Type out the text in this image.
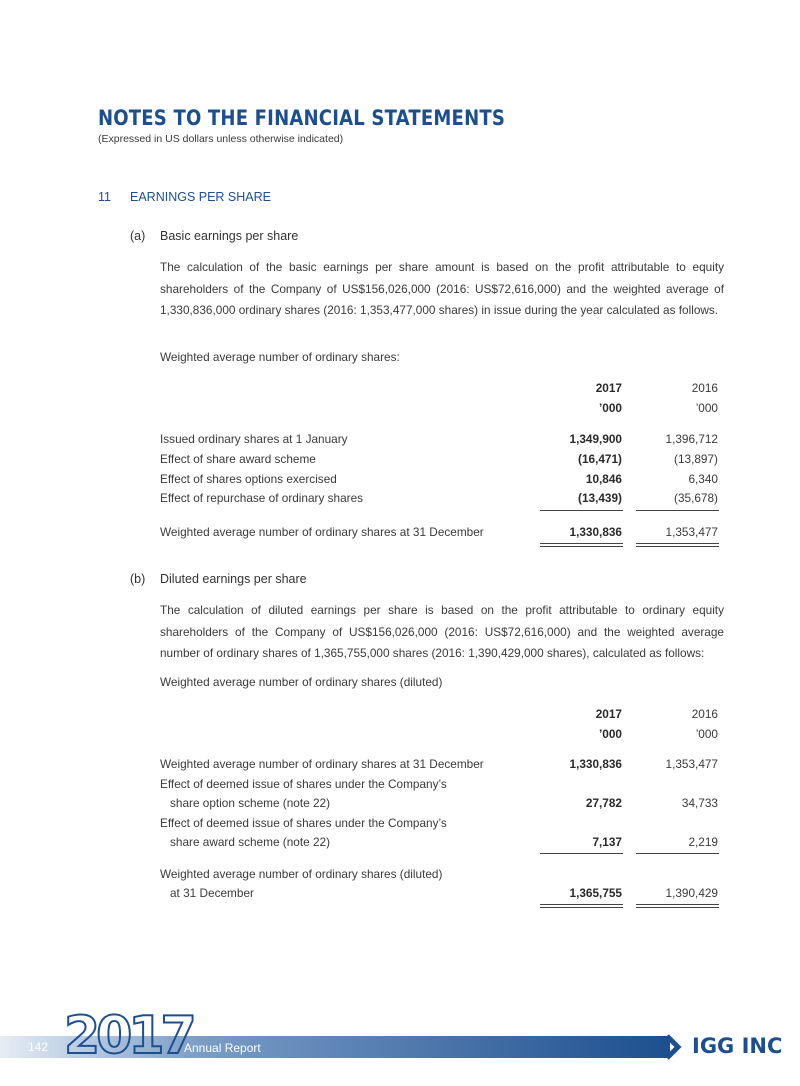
NOTES TO THE FINANCIAL STATEMENTS
(Expressed in US dollars unless otherwise indicated)
11 EARNINGS PER SHARE
(a) Basic earnings per share

The calculation of the basic earnings per share amount is based on the profit attributable to equity shareholders of the Company of US$156,026,000 (2016: US$72,616,000) and the weighted average of 1,330,836,000 ordinary shares (2016: 1,353,477,000 shares) in issue during the year calculated as follows.

Weighted average number of ordinary shares:
2017	2016
’000	’000
Issued ordinary shares at 1 January	1,349,900	1,396,712
Effect of share award scheme	(16,471)	(13,897)
Effect of shares options exercised	10,846	6,340
Effect of repurchase of ordinary shares	(13,439)	(35,678)
Weighted average number of ordinary shares at 31 December	1,330,836	1,353,477
(b) Diluted earnings per share

The calculation of diluted earnings per share is based on the profit attributable to ordinary equity shareholders of the Company of US$156,026,000 (2016: US$72,616,000) and the weighted average number of ordinary shares of 1,365,755,000 shares (2016: 1,390,429,000 shares), calculated as follows:

Weighted average number of ordinary shares (diluted)
2017	2016
’000	’000
Weighted average number of ordinary shares at 31 December	1,330,836	1,353,477
Effect of deemed issue of shares under the Company’s
share option scheme (note 22)	27,782	34,733
Effect of deemed issue of shares under the Company’s
share award scheme (note 22)	7,137	2,219
Weighted average number of ordinary shares (diluted)
at 31 December	1,365,755	1,390,429
2017
142	Annual Report	IGG INC
